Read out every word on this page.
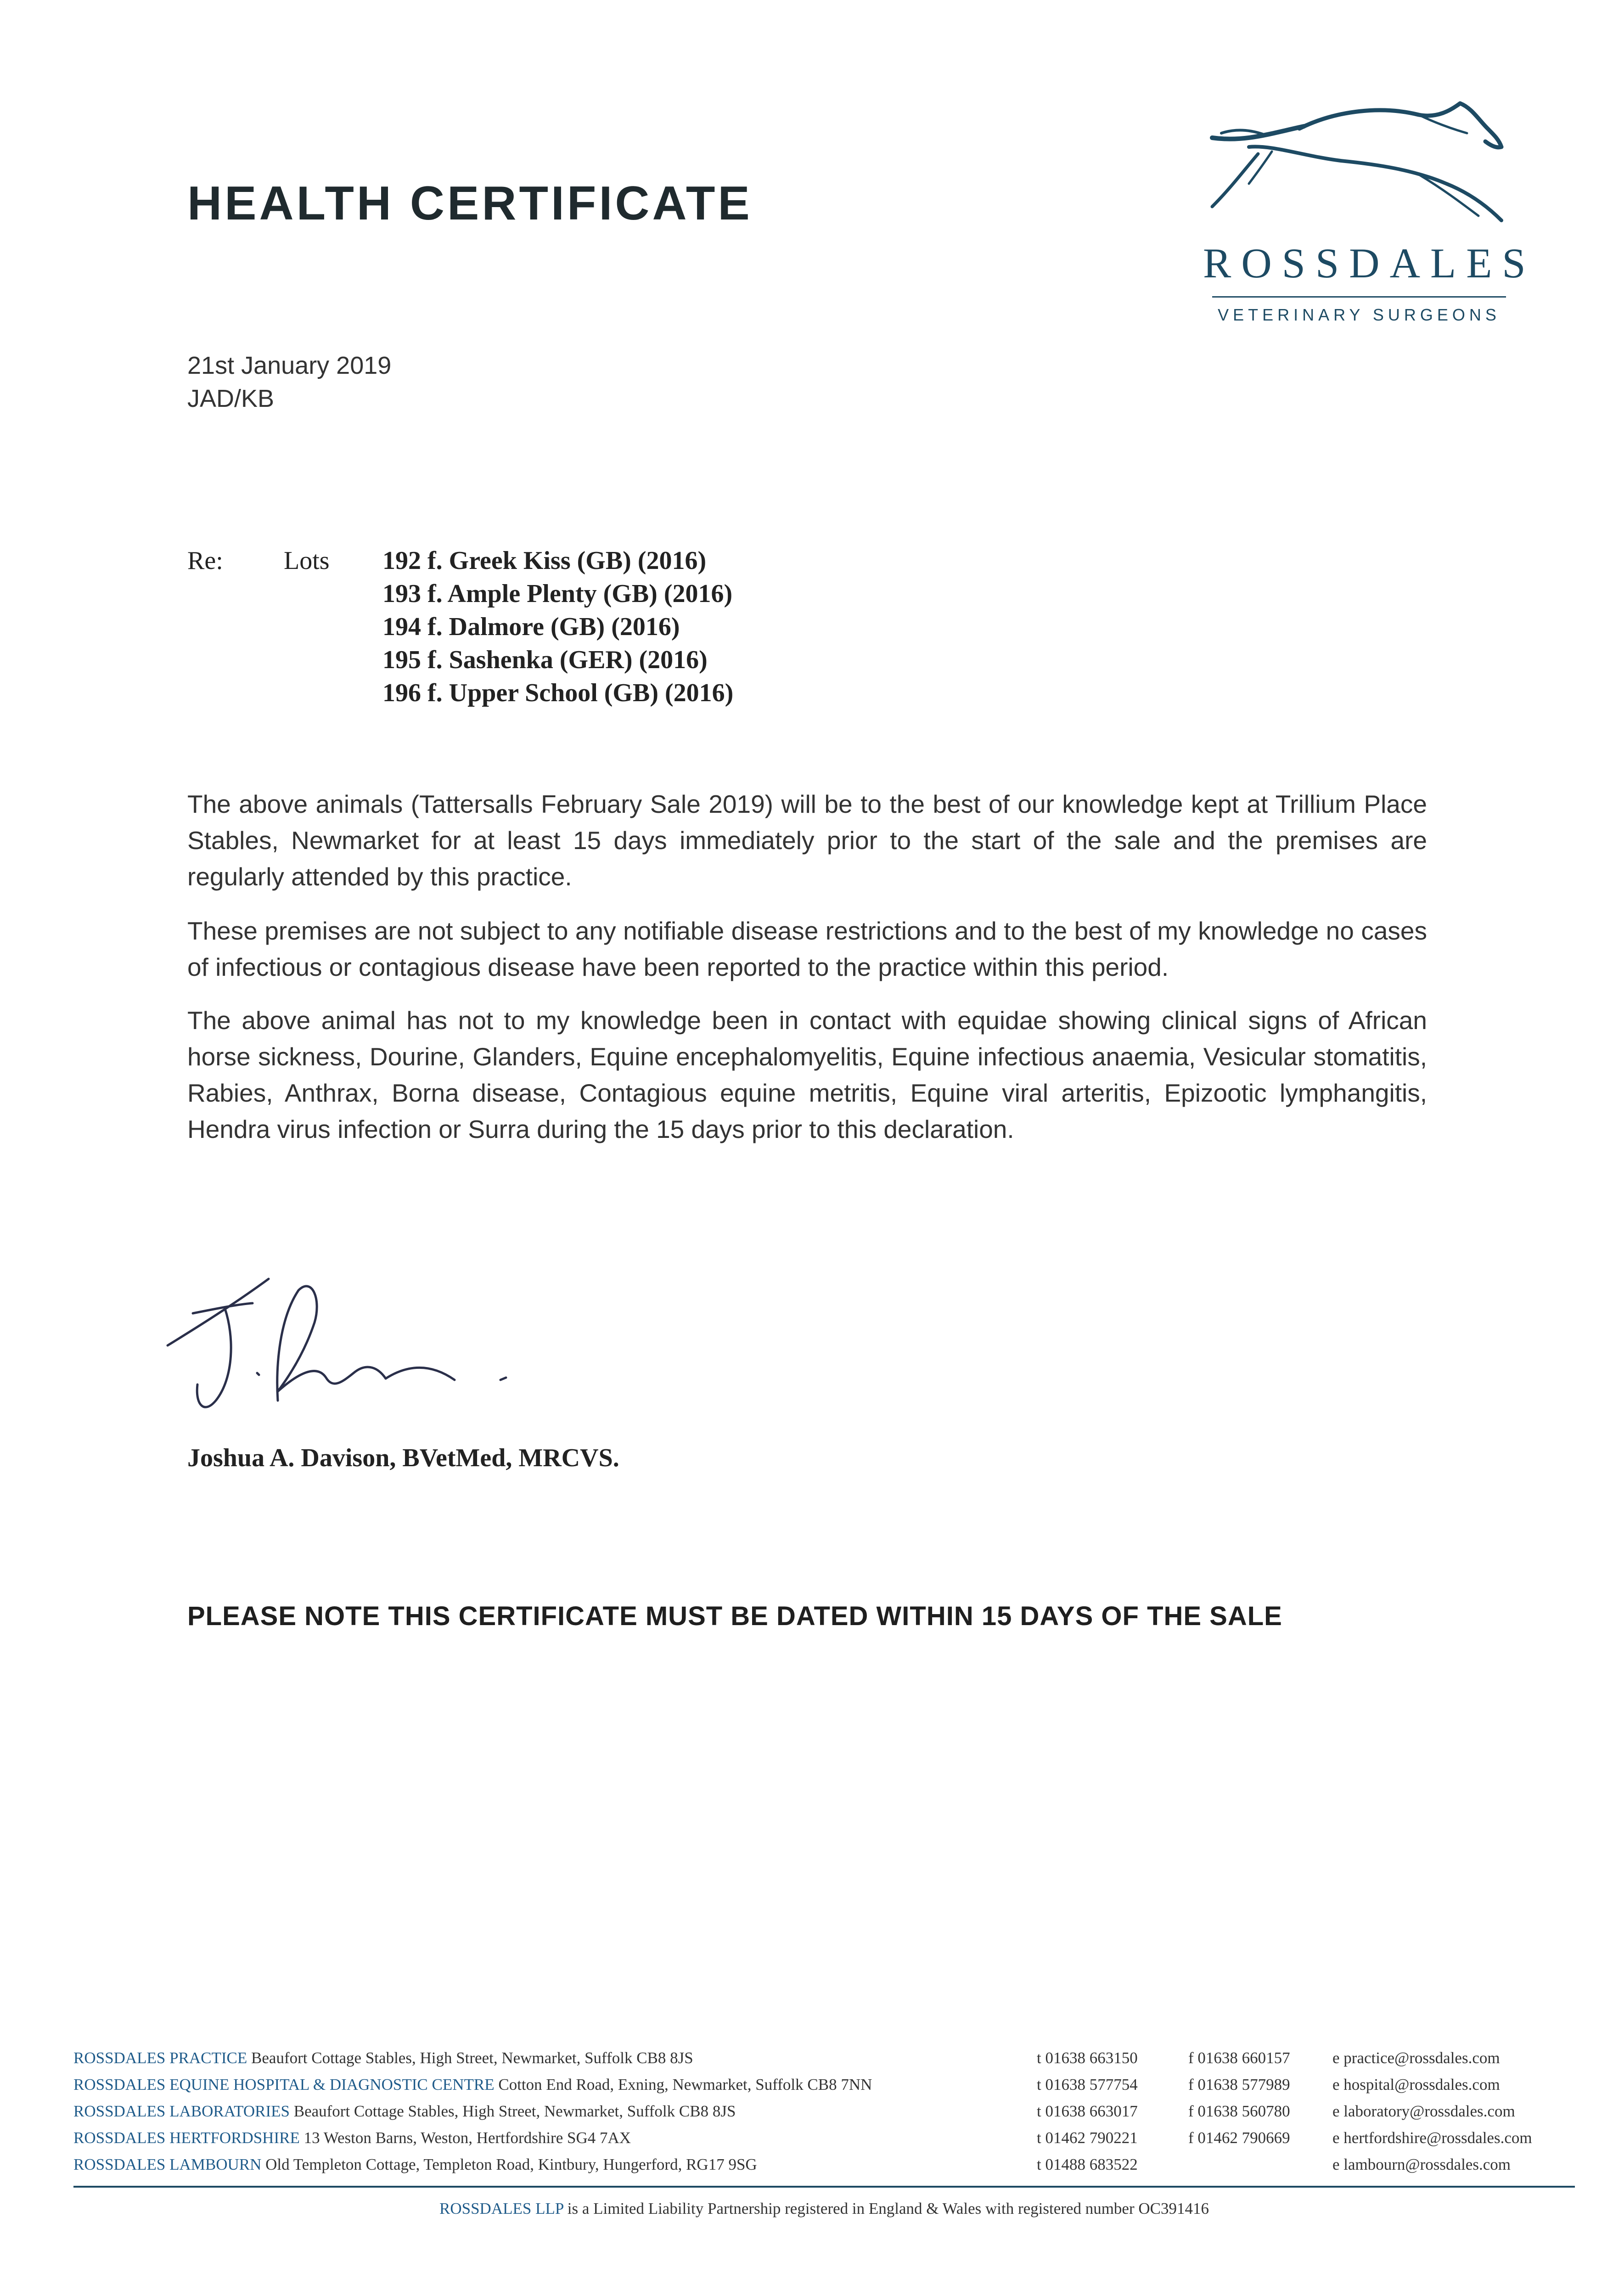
HEALTH CERTIFICATE
ROSSDALES
VETERINARY SURGEONS
21st January 2019
JAD/KB
Re: Lots 192 f. Greek Kiss (GB) (2016)
193 f. Ample Plenty (GB) (2016)
194 f. Dalmore (GB) (2016)
195 f. Sashenka (GER) (2016)
196 f. Upper School (GB) (2016)

The above animals (Tattersalls February Sale 2019) will be to the best of our knowledge kept at Trillium Place Stables, Newmarket for at least 15 days immediately prior to the start of the sale and the premises are regularly attended by this practice.

These premises are not subject to any notifiable disease restrictions and to the best of my knowledge no cases of infectious or contagious disease have been reported to the practice within this period.

The above animal has not to my knowledge been in contact with equidae showing clinical signs of African horse sickness, Dourine, Glanders, Equine encephalomyelitis, Equine infectious anaemia, Vesicular stomatitis, Rabies, Anthrax, Borna disease, Contagious equine metritis, Equine viral arteritis, Epizootic lymphangitis, Hendra virus infection or Surra during the 15 days prior to this declaration.

Joshua A. Davison, BVetMed, MRCVS.
PLEASE NOTE THIS CERTIFICATE MUST BE DATED WITHIN 15 DAYS OF THE SALE
ROSSDALES PRACTICE Beaufort Cottage Stables, High Street, Newmarket, Suffolk CB8 8JS	t 01638 663150	f 01638 660157	e practice@rossdales.com
ROSSDALES EQUINE HOSPITAL & DIAGNOSTIC CENTRE Cotton End Road, Exning, Newmarket, Suffolk CB8 7NN	t 01638 577754	f 01638 577989	e hospital@rossdales.com
ROSSDALES LABORATORIES Beaufort Cottage Stables, High Street, Newmarket, Suffolk CB8 8JS	t 01638 663017	f 01638 560780	e laboratory@rossdales.com
ROSSDALES HERTFORDSHIRE 13 Weston Barns, Weston, Hertfordshire SG4 7AX	t 01462 790221	f 01462 790669	e hertfordshire@rossdales.com
ROSSDALES LAMBOURN Old Templeton Cottage, Templeton Road, Kintbury, Hungerford, RG17 9SG	t 01488 683522	e lambourn@rossdales.com
ROSSDALES LLP is a Limited Liability Partnership registered in England & Wales with registered number OC391416
